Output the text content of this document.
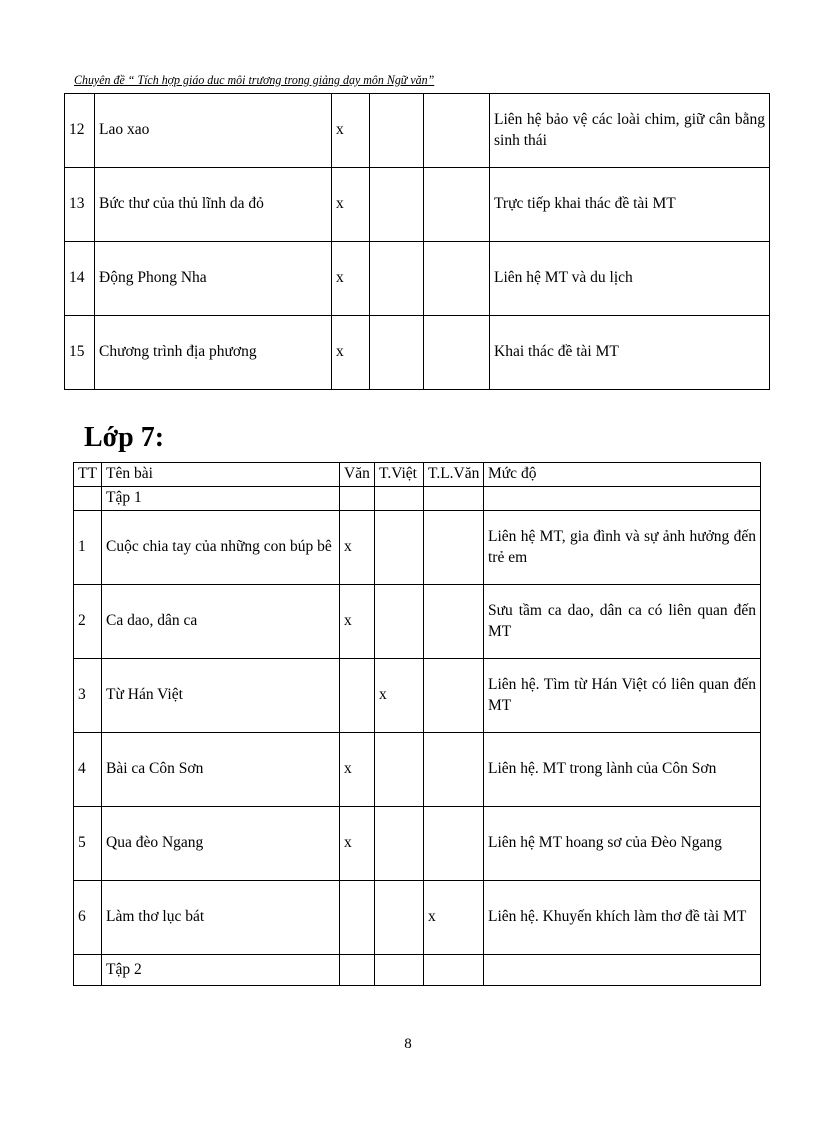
Chuyên đề “ Tích hợp giáo duc môi trương trong giảng dạy môn Ngữ văn”
12	Lao xao	x			Liên hệ bảo vệ các loài chim, giữ cân bằng sinh thái
13	Bức thư của thủ lĩnh da đỏ	x			Trực tiếp khai thác đề tài MT
14	Động Phong Nha	x			Liên hệ MT và du lịch
15	Chương trình địa phương	x			Khai thác đề tài MT
Lớp 7:
TT	Tên bài	Văn	T.Việt	T.L.Văn	Mức độ
	Tập 1				
1	Cuộc chia tay của những con búp bê	x			Liên hệ MT, gia đình và sự ảnh hưởng đến trẻ em
2	Ca dao, dân ca	x			Sưu tầm ca dao, dân ca có liên quan đến MT
3	Từ Hán Việt		x		Liên hệ. Tìm từ Hán Việt có liên quan đến MT
4	Bài ca Côn Sơn	x			Liên hệ. MT trong lành của Côn Sơn
5	Qua đèo Ngang	x			Liên hệ MT hoang sơ của Đèo Ngang
6	Làm thơ lục bát			x	Liên hệ. Khuyến khích làm thơ đề tài MT
	Tập 2				
8
